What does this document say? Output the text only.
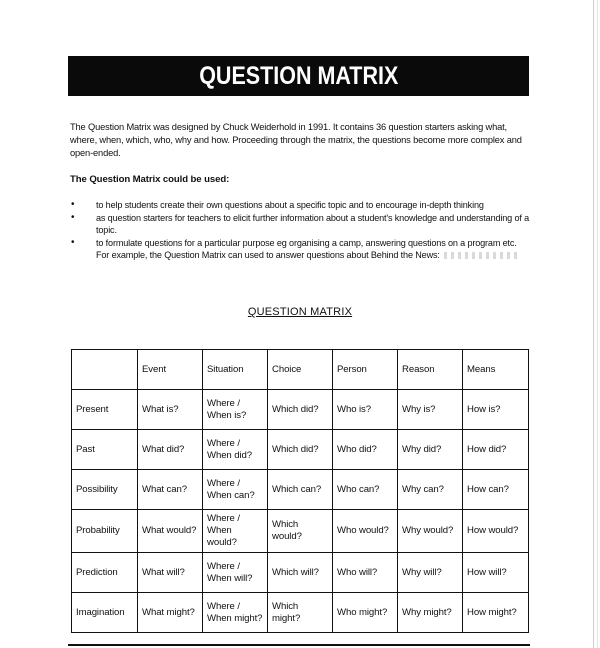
QUESTION MATRIX

The Question Matrix was designed by Chuck Weiderhold in 1991. It contains 36 question starters asking what, where, when, which, who, why and how. Proceeding through the matrix, the questions become more complex and open-ended.

The Question Matrix could be used:
• to help students create their own questions about a specific topic and to encourage in-depth thinking
• as question starters for teachers to elicit further information about a student's knowledge and understanding of a topic.
• to formulate questions for a particular purpose eg organising a camp, answering questions on a program etc. For example, the Question Matrix can used to answer questions about Behind the News:
QUESTION MATRIX
	Event	Situation	Choice	Person	Reason	Means
Present	What is?	Where / When is?	Which did?	Who is?	Why is?	How is?
Past	What did?	Where / When did?	Which did?	Who did?	Why did?	How did?
Possibility	What can?	Where / When can?	Which can?	Who can?	Why can?	How can?
Probability	What would?	Where / When would?	Which would?	Who would?	Why would?	How would?
Prediction	What will?	Where / When will?	Which will?	Who will?	Why will?	How will?
Imagination	What might?	Where / When might?	Which might?	Who might?	Why might?	How might?
